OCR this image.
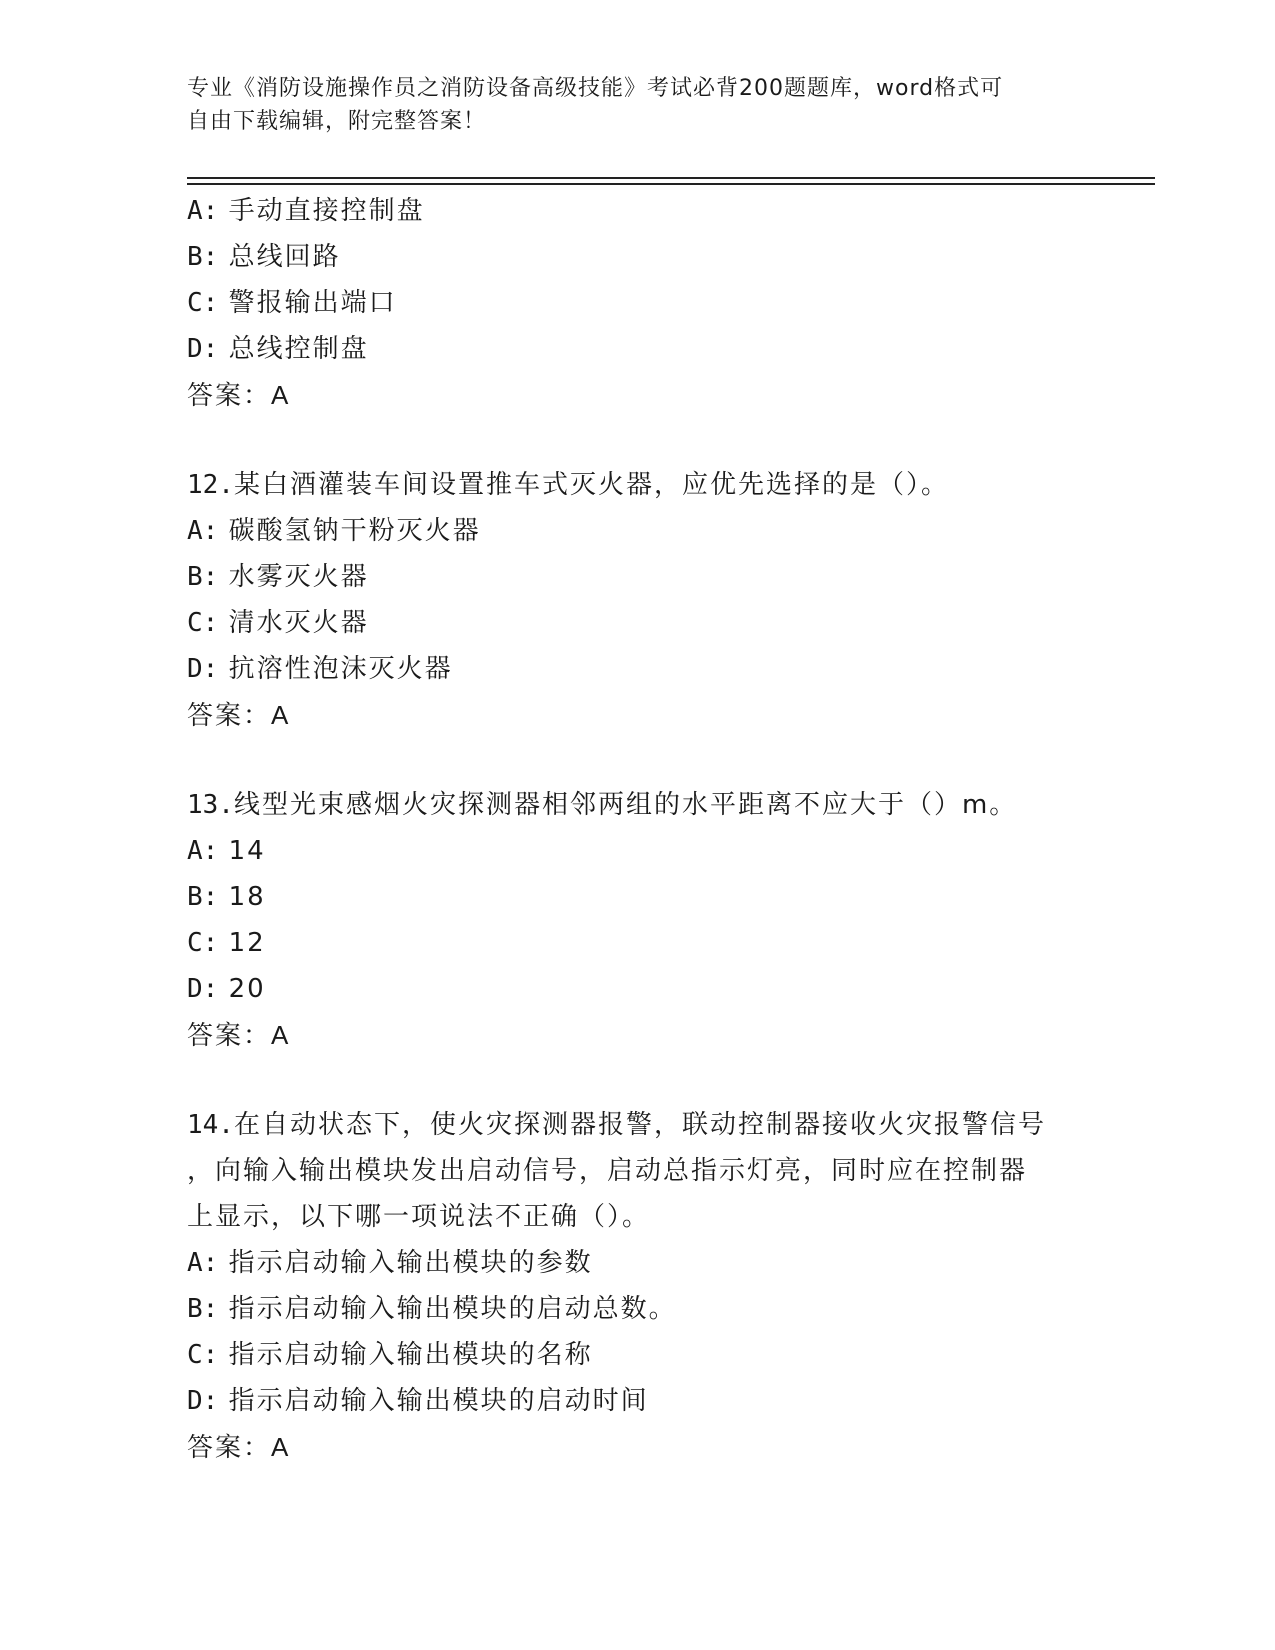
专业《消防设施操作员之消防设备高级技能》考试必背200题题库，word格式可

自由下载编辑，附完整答案！

A: 手动直接控制盘

B: 总线回路

C: 警报输出端口

D: 总线控制盘

答案：A

12.某白酒灌装车间设置推车式灭火器，应优先选择的是（）。

A: 碳酸氢钠干粉灭火器

B: 水雾灭火器

C: 清水灭火器

D: 抗溶性泡沫灭火器

答案：A

13.线型光束感烟火灾探测器相邻两组的水平距离不应大于（）m。

A: 14

B: 18

C: 12

D: 20

答案：A

14.在自动状态下，使火灾探测器报警，联动控制器接收火灾报警信号

，向输入输出模块发出启动信号，启动总指示灯亮，同时应在控制器

上显示，以下哪一项说法不正确（）。

A: 指示启动输入输出模块的参数

B: 指示启动输入输出模块的启动总数。

C: 指示启动输入输出模块的名称

D: 指示启动输入输出模块的启动时间

答案：A
